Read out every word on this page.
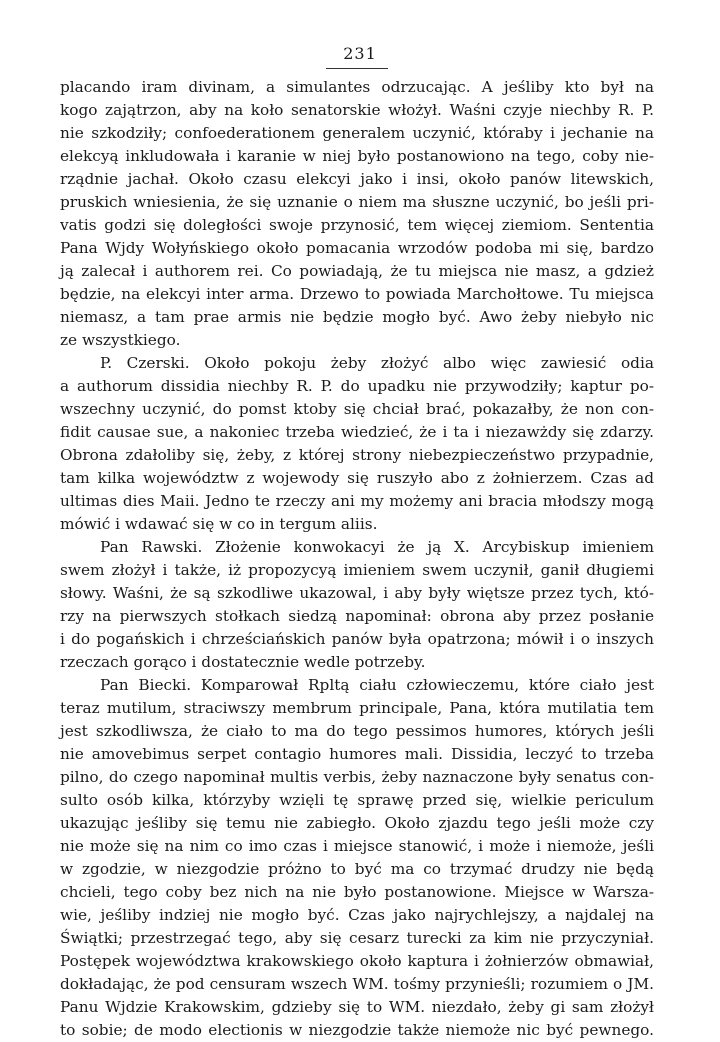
231
placando iram divinam, a simulantes odrzucając. A jeśliby kto był na
kogo zajątrzon, aby na koło senatorskie włożył. Waśni czyje niechby R. P.
nie szkodziły; confoederationem generalem uczynić, któraby i jechanie na
elekcyą inkludowała i karanie w niej było postanowiono na tego, coby nie-
rządnie jachał. Około czasu elekcyi jako i insi, około panów litewskich,
pruskich wniesienia, że się uznanie o niem ma słuszne uczynić, bo jeśli pri-
vatis godzi się doległości swoje przynosić, tem więcej ziemiom. Sententia
Pana Wjdy Wołyńskiego około pomacania wrzodów podoba mi się, bardzo
ją zalecał i authorem rei. Co powiadają, że tu miejsca nie masz, a gdzież
będzie, na elekcyi inter arma. Drzewo to powiada Marchołtowe. Tu miejsca
niemasz, a tam prae armis nie będzie mogło być. Awo żeby niebyło nic
ze wszystkiego.
P. Czerski. Około pokoju żeby złożyć albo więc zawiesić odia
a authorum dissidia niechby R. P. do upadku nie przywodziły; kaptur po-
wszechny uczynić, do pomst ktoby się chciał brać, pokazałby, że non con-
fidit causae sue, a nakoniec trzeba wiedzieć, że i ta i niezawżdy się zdarzy.
Obrona zdałoliby się, żeby, z której strony niebezpieczeństwo przypadnie,
tam kilka województw z wojewody się ruszyło abo z żołnierzem. Czas ad
ultimas dies Maii. Jedno te rzeczy ani my możemy ani bracia młodszy mogą
mówić i wdawać się w co in tergum aliis.
Pan Rawski. Złożenie konwokacyi że ją X. Arcybiskup imieniem
swem złożył i także, iż propozycyą imieniem swem uczynił, ganił długiemi
słowy. Waśni, że są szkodliwe ukazowal, i aby były więtsze przez tych, któ-
rzy na pierwszych stołkach siedzą napominał: obrona aby przez posłanie
i do pogańskich i chrześciańskich panów była opatrzona; mówił i o inszych
rzeczach gorąco i dostatecznie wedle potrzeby.
Pan Biecki. Komparował Rpltą ciału człowieczemu, które ciało jest
teraz mutilum, straciwszy membrum principale, Pana, która mutilatia tem
jest szkodliwsza, że ciało to ma do tego pessimos humores, których jeśli
nie amovebimus serpet contagio humores mali. Dissidia, leczyć to trzeba
pilno, do czego napominał multis verbis, żeby naznaczone były senatus con-
sulto osób kilka, którzyby wzięli tę sprawę przed się, wielkie periculum
ukazując jeśliby się temu nie zabiegło. Około zjazdu tego jeśli może czy
nie może się na nim co imo czas i miejsce stanowić, i może i niemoże, jeśli
w zgodzie, w niezgodzie próżno to być ma co trzymać drudzy nie będą
chcieli, tego coby bez nich na nie było postanowione. Miejsce w Warsza-
wie, jeśliby indziej nie mogło być. Czas jako najrychlejszy, a najdalej na
Świątki; przestrzegać tego, aby się cesarz turecki za kim nie przyczyniał.
Postępek województwa krakowskiego około kaptura i żołnierzów obmawiał,
dokładając, że pod censuram wszech WM. tośmy przynieśli; rozumiem o JM.
Panu Wjdzie Krakowskim, gdzieby się to WM. niezdało, żeby gi sam złożył
to sobie; de modo electionis w niezgodzie także niemoże nic być pewnego.
